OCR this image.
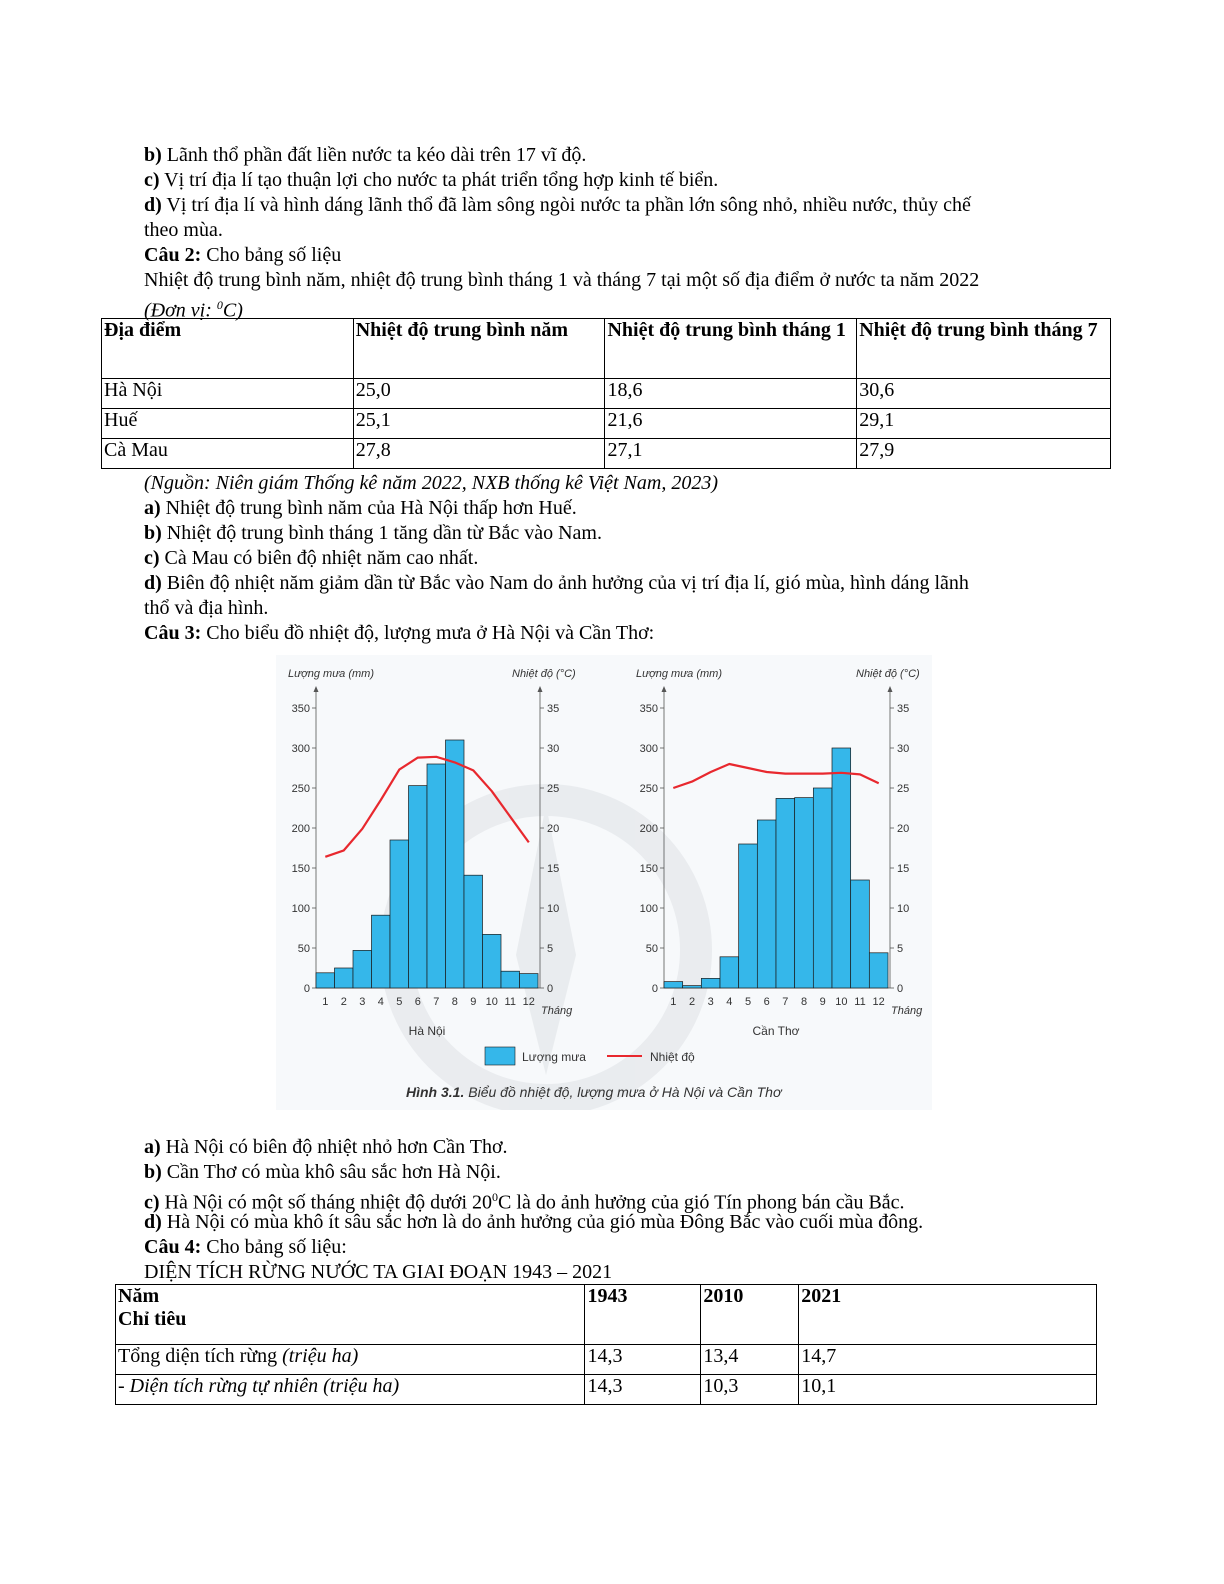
b) Lãnh thổ phần đất liền nước ta kéo dài trên 17 vĩ độ.
c) Vị trí địa lí tạo thuận lợi cho nước ta phát triển tổng hợp kinh tế biển.
d) Vị trí địa lí và hình dáng lãnh thổ đã làm sông ngòi nước ta phần lớn sông nhỏ, nhiều nước, thủy chế
theo mùa.
Câu 2: Cho bảng số liệu
Nhiệt độ trung bình năm, nhiệt độ trung bình tháng 1 và tháng 7 tại một số địa điểm ở nước ta năm 2022
(Đơn vị: $^0$C)
Địa điểm	Nhiệt độ trung bình năm	Nhiệt độ trung bình tháng 1	Nhiệt độ trung bình tháng 7
Hà Nội	25,0	18,6	30,6
Huế	25,1	21,6	29,1
Cà Mau	27,8	27,1	27,9
(Nguồn: Niên giám Thống kê năm 2022, NXB thống kê Việt Nam, 2023)
a) Nhiệt độ trung bình năm của Hà Nội thấp hơn Huế.
b) Nhiệt độ trung bình tháng 1 tăng dần từ Bắc vào Nam.
c) Cà Mau có biên độ nhiệt năm cao nhất.
d) Biên độ nhiệt năm giảm dần từ Bắc vào Nam do ảnh hưởng của vị trí địa lí, gió mùa, hình dáng lãnh
thổ và địa hình.
Câu 3: Cho biểu đồ nhiệt độ, lượng mưa ở Hà Nội và Cần Thơ:
Lượng mưa (mm)	Nhiệt độ (°C)
0
50
100
150
200
250
300
350
0
5
10
15
20
25
30
35
1 2 3 4 5 6 7 8 9 10 11 12
Tháng
Hà Nội
Lượng mưa (mm)	Nhiệt độ (°C)
0
50
100
150
200
250
300
350
0
5
10
15
20
25
30
35
1 2 3 4 5 6 7 8 9 10 11 12
Tháng
Cần Thơ
Lượng mưa	Nhiệt độ
Hình 3.1. Biểu đồ nhiệt độ, lượng mưa ở Hà Nội và Cần Thơ
a) Hà Nội có biên độ nhiệt nhỏ hơn Cần Thơ.
b) Cần Thơ có mùa khô sâu sắc hơn Hà Nội.
c) Hà Nội có một số tháng nhiệt độ dưới $20^0C$ là do ảnh hưởng của gió Tín phong bán cầu Bắc.
d) Hà Nội có mùa khô ít sâu sắc hơn là do ảnh hưởng của gió mùa Đông Bắc vào cuối mùa đông.
Câu 4: Cho bảng số liệu:
DIỆN TÍCH RỪNG NƯỚC TA GIAI ĐOẠN 1943 – 2021
Năm
Chỉ tiêu	1943	2010	2021
Tổng diện tích rừng (triệu ha)	14,3	13,4	14,7
- Diện tích rừng tự nhiên (triệu ha)	14,3	10,3	10,1
